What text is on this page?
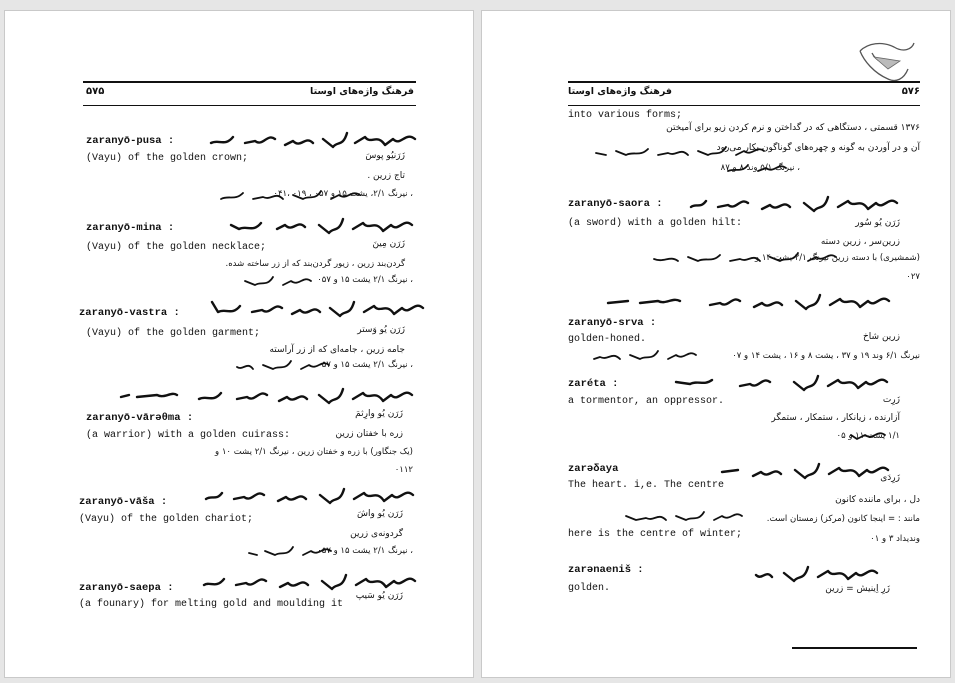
۵۷۵	فرهنگ واژه‌های اوستا
zaranyō-pusa :
(Vayu) of the golden crown;	زَرَنیُو پوسَ
تاج زرین .
، نیرنگ ۲/۱، یشت ۱۵ و ۰۵۷ ، ۰۱۹ ،۰۴۱
zaranyō-mina :
(Vayu) of the golden necklace;	زَرَن مِینَ
گردن‌بند زرین ، زیور گردن‌بند که از زر ساخته شده.
، نیرنگ ۲/۱ یشت ۱۵ و ۰۵۷
zaranyō-vastra :
(Vayu) of the golden garment;	زَرَن یُو وَستر
جامه زرین ، جامه‌ای که از زر آراسته
، نیرنگ ۲/۱ یشت ۱۵ و ۰۵۷
zaranyō-vārəθma :
(a warrior) with a golden cuirass:
زَرَن یُو وارِثمَ
زره با خفتان زرین
(یک جنگاور) با زره و خفتان زرین ، نیرنگ ۲/۱ یشت ۱۰ و
۰۱۱۲
zaranyō-vāša :
(Vayu) of the golden chariot;	زَرَن یُو واشَ
گردونه‌ی زرین
، نیرنگ ۲/۱ یشت ۱۵ و ۰۵۷
zaranyō-saepa :
(a founary) for melting gold and moulding it
زَرَن یُو سَیپ
فرهنگ واژه‌های اوستا	۵۷۶
into various forms;
۱۳۷۶ قسمتی ، دستگاهی که در گداختن و نرم کردن زیو برای آمیختن
آن و در آوردن به گونه و چهره‌های گوناگون بکار می‌رود
، نیرنگ ۵/۱ وند ۸ و ۸۷
zaranyō-saora :
(a sword) with a golden hilt:	زَرَن یُو سُور
زرین‌سر ، زرین دسته
(شمشیری) با دسته زرین نیرنگ ۲/۱ یشت ۱۴ و
۰۲۷
zaranyō-srva :
golden-honed.	زرین شاخ
نیرنگ ۶/۱ وند ۱۹ و ۳۷ ، یشت ۸ و ۱۶ ، یشت ۱۴ و ۰۷
zaréta :
a tormentor, an oppressor.	زَرِت
آزارنده ، زیانکار ، ستمکار ، ستمگر
۱/۱ یشت ۱۱ و ۰۵
zarəδaya
The heart. i,e. The centre
زَرِدَی
دل ، برای ماننده کانون
مانند : = اینجا کانون (مرکز) زمستان است.
here is the centre of winter;	وندیداد ۳ و ۰۱
zarənaeniš :
golden.	زَرِ اِینیش = زرین
